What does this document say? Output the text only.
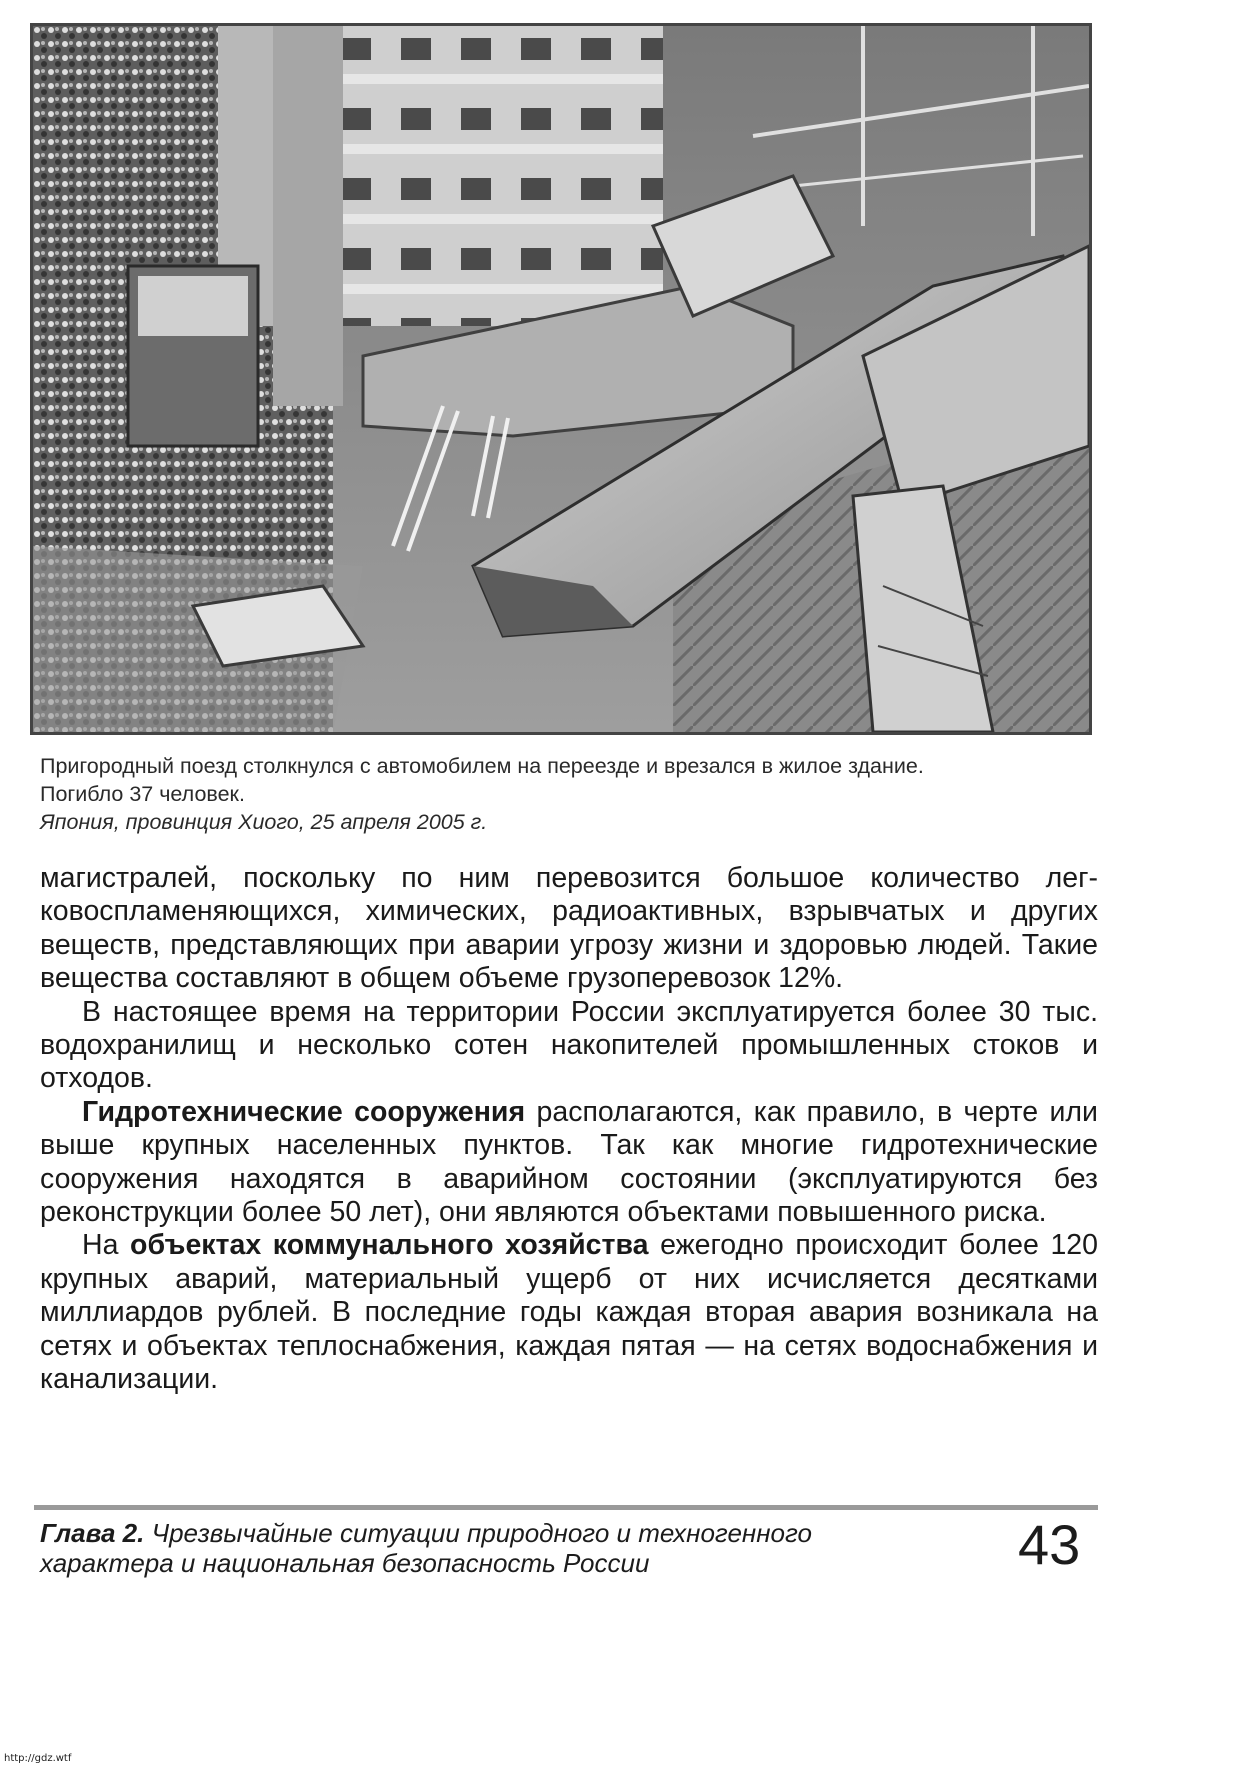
Пригородный поезд столкнулся с автомобилем на переезде и врезался в жилое здание.
Погибло 37 человек.
Япония, провинция Хиого, 25 апреля 2005 г.

магистралей, поскольку по ним перевозится большое количество легковоспламеняющихся, химических, радиоактивных, взрывчатых и других веществ, представляющих при аварии угрозу жизни и здоровью людей. Такие вещества составляют в общем объеме грузоперевозок 12%.

В настоящее время на территории России эксплуатируется более 30 тыс. водохранилищ и несколько сотен накопителей промышленных стоков и отходов.

Гидротехнические сооружения располагаются, как правило, в черте или выше крупных населенных пунктов. Так как многие гидротехнические сооружения находятся в аварийном состоянии (эксплуатируются без реконструкции более 50 лет), они являются объектами повышенного риска.

На объектах коммунального хозяйства ежегодно происходит более 120 крупных аварий, материальный ущерб от них исчисляется десятками миллиардов рублей. В последние годы каждая вторая авария возникала на сетях и объектах теплоснабжения, каждая пятая — на сетях водоснабжения и канализации.

Глава 2. Чрезвычайные ситуации природного и техногенного
характера и национальная безопасность России	43
http://gdz.wtf
